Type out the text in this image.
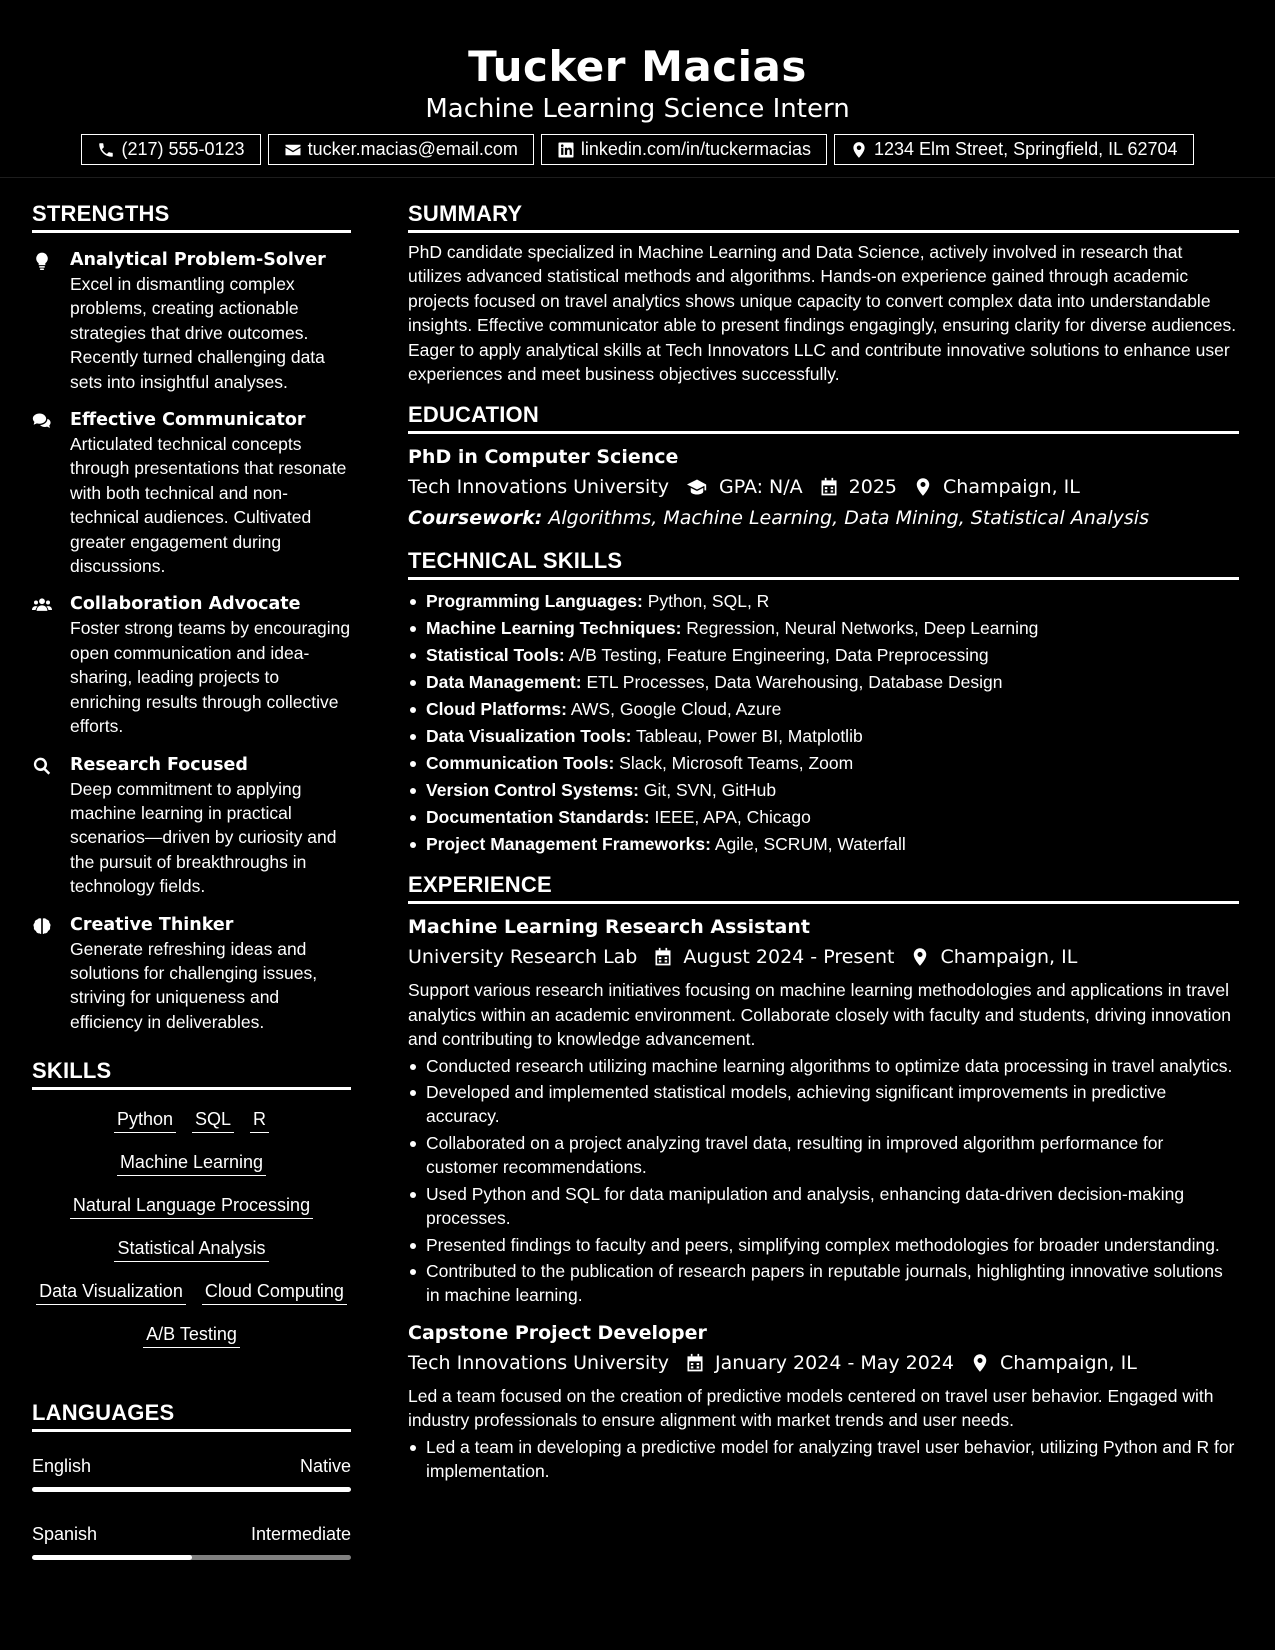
Tucker Macias
Machine Learning Science Intern
(217) 555-0123	tucker.macias@email.com	linkedin.com/in/tuckermacias	1234 Elm Street, Springfield, IL 62704
STRENGTHS
Analytical Problem-Solver
Excel in dismantling complex problems, creating actionable strategies that drive outcomes. Recently turned challenging data sets into insightful analyses.
Effective Communicator
Articulated technical concepts through presentations that resonate with both technical and non-technical audiences. Cultivated greater engagement during discussions.
Collaboration Advocate
Foster strong teams by encouraging open communication and idea-sharing, leading projects to enriching results through collective efforts.
Research Focused
Deep commitment to applying machine learning in practical scenarios—driven by curiosity and the pursuit of breakthroughs in technology fields.
Creative Thinker
Generate refreshing ideas and solutions for challenging issues, striving for uniqueness and efficiency in deliverables.
SKILLS
Python SQL R
Machine Learning
Natural Language Processing
Statistical Analysis
Data Visualization Cloud Computing
A/B Testing
LANGUAGES
English	Native
Spanish	Intermediate
SUMMARY
PhD candidate specialized in Machine Learning and Data Science, actively involved in research that utilizes advanced statistical methods and algorithms. Hands-on experience gained through academic projects focused on travel analytics shows unique capacity to convert complex data into understandable insights. Effective communicator able to present findings engagingly, ensuring clarity for diverse audiences. Eager to apply analytical skills at Tech Innovators LLC and contribute innovative solutions to enhance user experiences and meet business objectives successfully.
EDUCATION
PhD in Computer Science
Tech Innovations University	GPA: N/A 2025 Champaign, IL
Coursework: Algorithms, Machine Learning, Data Mining, Statistical Analysis
TECHNICAL SKILLS
Programming Languages: Python, SQL, R
Machine Learning Techniques: Regression, Neural Networks, Deep Learning
Statistical Tools: A/B Testing, Feature Engineering, Data Preprocessing
Data Management: ETL Processes, Data Warehousing, Database Design
Cloud Platforms: AWS, Google Cloud, Azure
Data Visualization Tools: Tableau, Power BI, Matplotlib
Communication Tools: Slack, Microsoft Teams, Zoom
Version Control Systems: Git, SVN, GitHub
Documentation Standards: IEEE, APA, Chicago
Project Management Frameworks: Agile, SCRUM, Waterfall
EXPERIENCE
Machine Learning Research Assistant
University Research Lab August 2024 - Present Champaign, IL
Support various research initiatives focusing on machine learning methodologies and applications in travel analytics within an academic environment. Collaborate closely with faculty and students, driving innovation and contributing to knowledge advancement.
Conducted research utilizing machine learning algorithms to optimize data processing in travel analytics.
Developed and implemented statistical models, achieving significant improvements in predictive accuracy.
Collaborated on a project analyzing travel data, resulting in improved algorithm performance for customer recommendations.
Used Python and SQL for data manipulation and analysis, enhancing data-driven decision-making processes.
Presented findings to faculty and peers, simplifying complex methodologies for broader understanding.
Contributed to the publication of research papers in reputable journals, highlighting innovative solutions in machine learning.
Capstone Project Developer
Tech Innovations University January 2024 - May 2024 Champaign, IL
Led a team focused on the creation of predictive models centered on travel user behavior. Engaged with industry professionals to ensure alignment with market trends and user needs.
Led a team in developing a predictive model for analyzing travel user behavior, utilizing Python and R for implementation.
